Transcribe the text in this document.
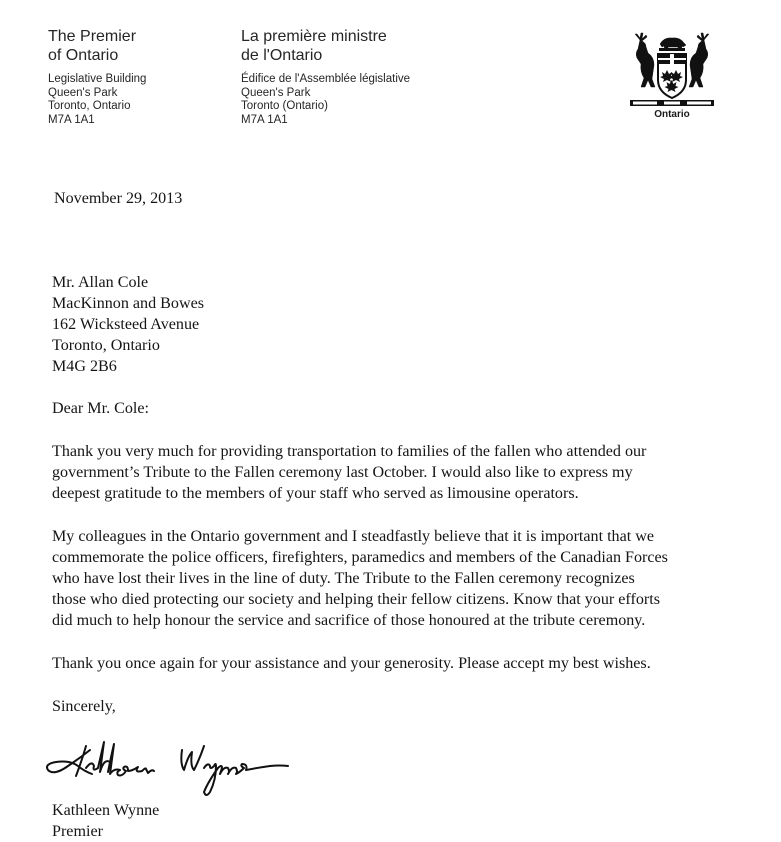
The Premier
of Ontario
Legislative Building
Queen's Park
Toronto, Ontario
M7A 1A1
La première ministre
de l'Ontario
Édifice de l'Assemblée législative
Queen's Park
Toronto (Ontario)
M7A 1A1	Ontario
November 29, 2013
Mr. Allan Cole
MacKinnon and Bowes
162 Wicksteed Avenue
Toronto, Ontario
M4G 2B6
Dear Mr. Cole:
Thank you very much for providing transportation to families of the fallen who attended our
government’s Tribute to the Fallen ceremony last October. I would also like to express my
deepest gratitude to the members of your staff who served as limousine operators.
My colleagues in the Ontario government and I steadfastly believe that it is important that we
commemorate the police officers, firefighters, paramedics and members of the Canadian Forces
who have lost their lives in the line of duty. The Tribute to the Fallen ceremony recognizes
those who died protecting our society and helping their fellow citizens. Know that your efforts
did much to help honour the service and sacrifice of those honoured at the tribute ceremony.
Thank you once again for your assistance and your generosity. Please accept my best wishes.
Sincerely,
Kathleen Wynne
Premier
